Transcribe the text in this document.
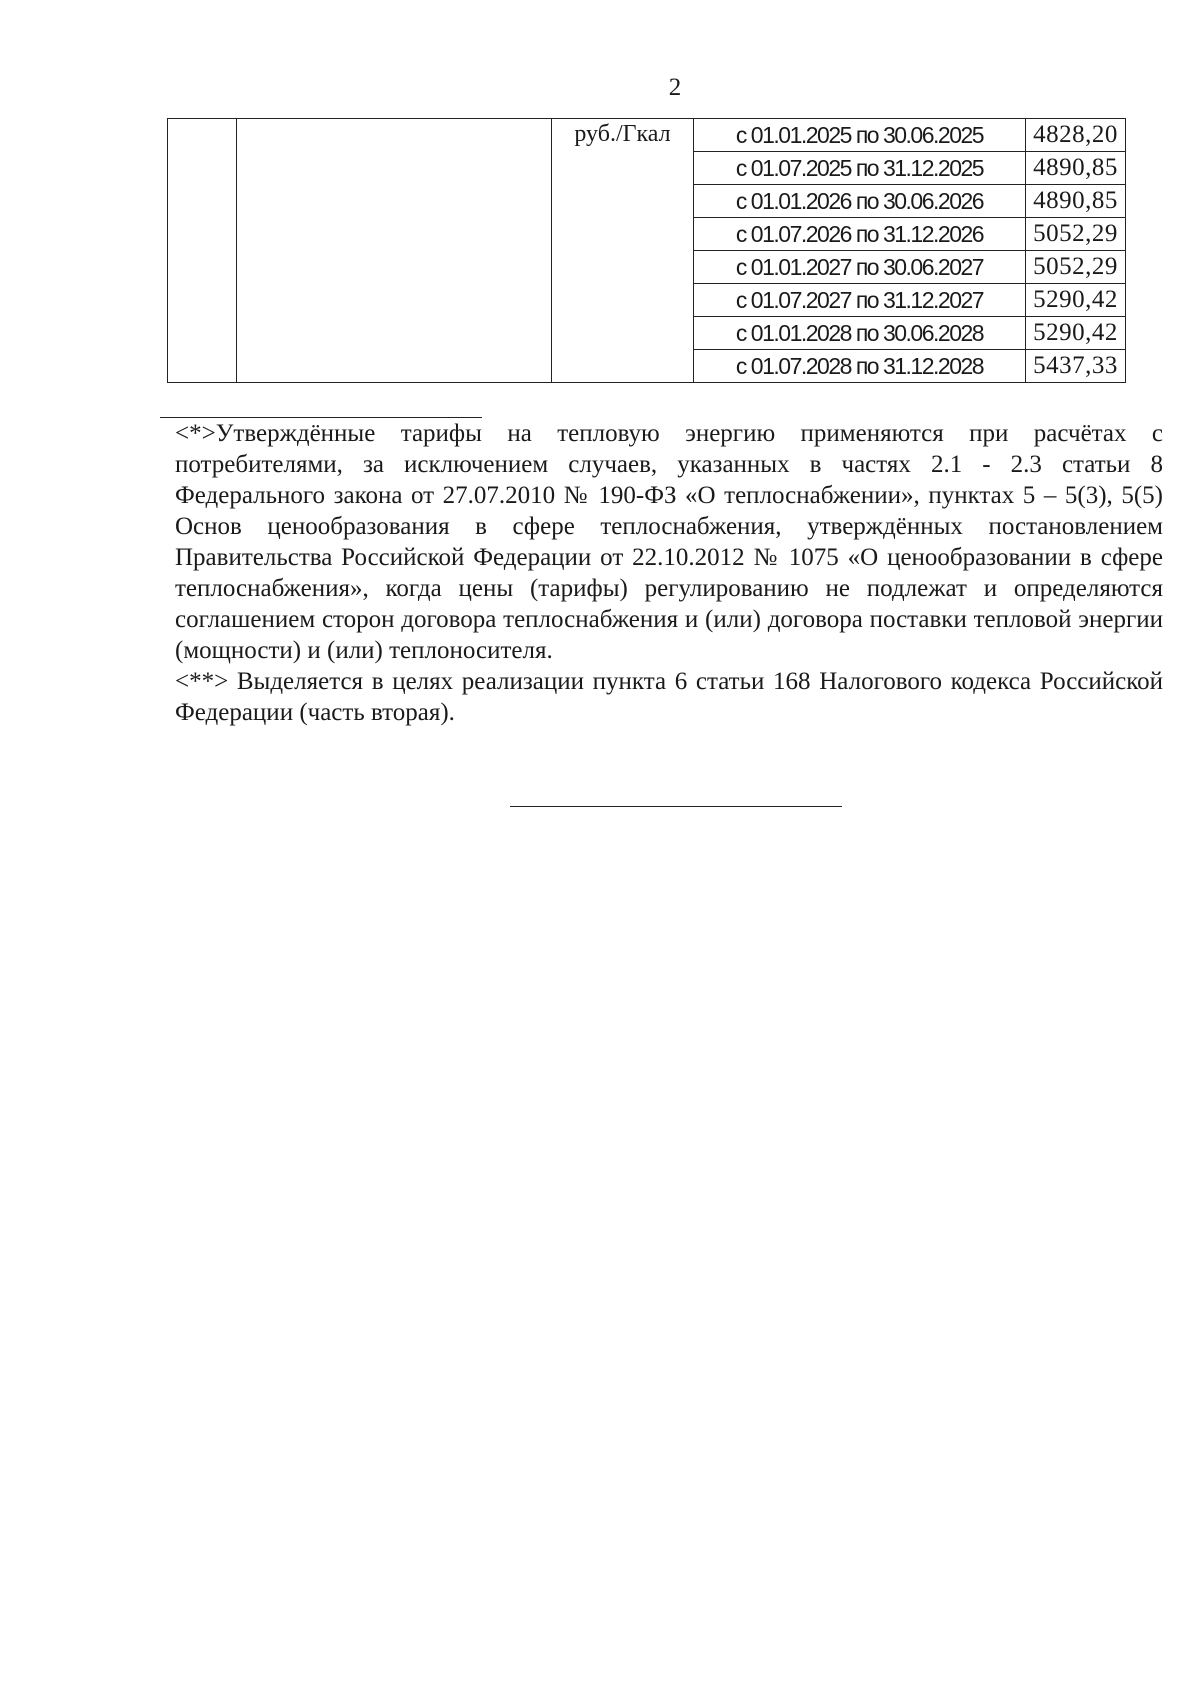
2
		руб./Гкал	с 01.01.2025 по 30.06.2025	4828,20
			с 01.07.2025 по 31.12.2025	4890,85
			с 01.01.2026 по 30.06.2026	4890,85
			с 01.07.2026 по 31.12.2026	5052,29
			с 01.01.2027 по 30.06.2027	5052,29
			с 01.07.2027 по 31.12.2027	5290,42
			с 01.01.2028 по 30.06.2028	5290,42
			с 01.07.2028 по 31.12.2028	5437,33

<*>Утверждённые тарифы на тепловую энергию применяются при расчётах с потребителями, за исключением случаев, указанных в частях 2.1 - 2.3 статьи 8 Федерального закона от 27.07.2010 № 190-ФЗ «О теплоснабжении», пунктах 5 – 5(3), 5(5) Основ ценообразования в сфере теплоснабжения, утверждённых постановлением Правительства Российской Федерации от 22.10.2012 № 1075 «О ценообразовании в сфере теплоснабжения», когда цены (тарифы) регулированию не подлежат и определяются соглашением сторон договора теплоснабжения и (или) договора поставки тепловой энергии (мощности) и (или) теплоносителя.

<**> Выделяется в целях реализации пункта 6 статьи 168 Налогового кодекса Российской Федерации (часть вторая).
